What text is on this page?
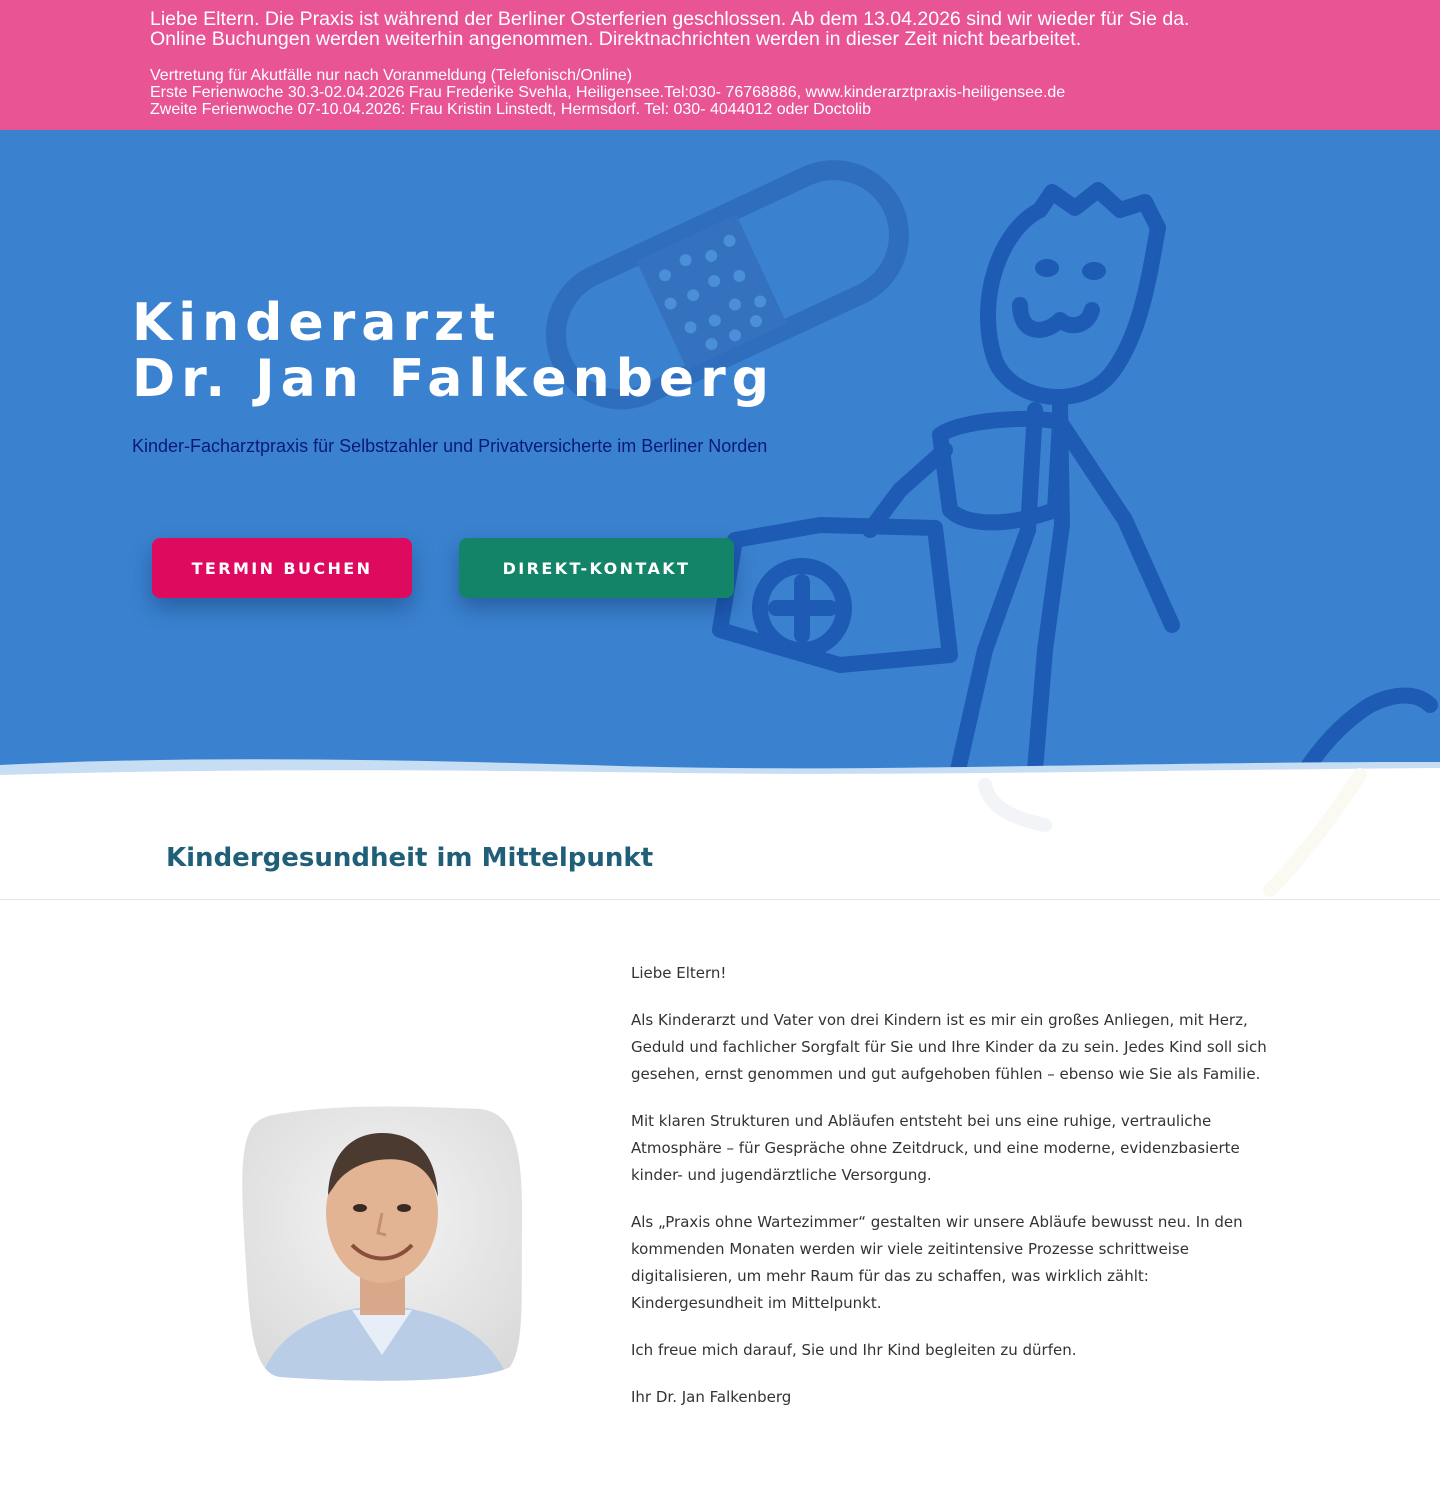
Liebe Eltern. Die Praxis ist während der Berliner Osterferien geschlossen. Ab dem 13.04.2026 sind wir wieder für Sie da.

Online Buchungen werden weiterhin angenommen. Direktnachrichten werden in dieser Zeit nicht bearbeitet.

Vertretung für Akutfälle nur nach Voranmeldung (Telefonisch/Online)

Erste Ferienwoche 30.3-02.04.2026 Frau Frederike Svehla, Heiligensee.Tel:030- 76768886, www.kinderarztpraxis-heiligensee.de

Zweite Ferienwoche 07-10.04.2026: Frau Kristin Linstedt, Hermsdorf. Tel: 030- 4044012 oder Doctolib

Kinderarzt
Dr. Jan Falkenberg

Kinder-Facharztpraxis für Selbstzahler und Privatversicherte im Berliner Norden

TERMIN BUCHEN	DIREKT-KONTAKT
Kindergesundheit im Mittelpunkt

Liebe Eltern!

Als Kinderarzt und Vater von drei Kindern ist es mir ein großes Anliegen, mit Herz, Geduld und fachlicher Sorgfalt für Sie und Ihre Kinder da zu sein. Jedes Kind soll sich gesehen, ernst genommen und gut aufgehoben fühlen – ebenso wie Sie als Familie.

Mit klaren Strukturen und Abläufen entsteht bei uns eine ruhige, vertrauliche Atmosphäre – für Gespräche ohne Zeitdruck, und eine moderne, evidenzbasierte kinder- und jugendärztliche Versorgung.

Als „Praxis ohne Wartezimmer“ gestalten wir unsere Abläufe bewusst neu. In den kommenden Monaten werden wir viele zeitintensive Prozesse schrittweise digitalisieren, um mehr Raum für das zu schaffen, was wirklich zählt: Kindergesundheit im Mittelpunkt.

Ich freue mich darauf, Sie und Ihr Kind begleiten zu dürfen.

Ihr Dr. Jan Falkenberg
